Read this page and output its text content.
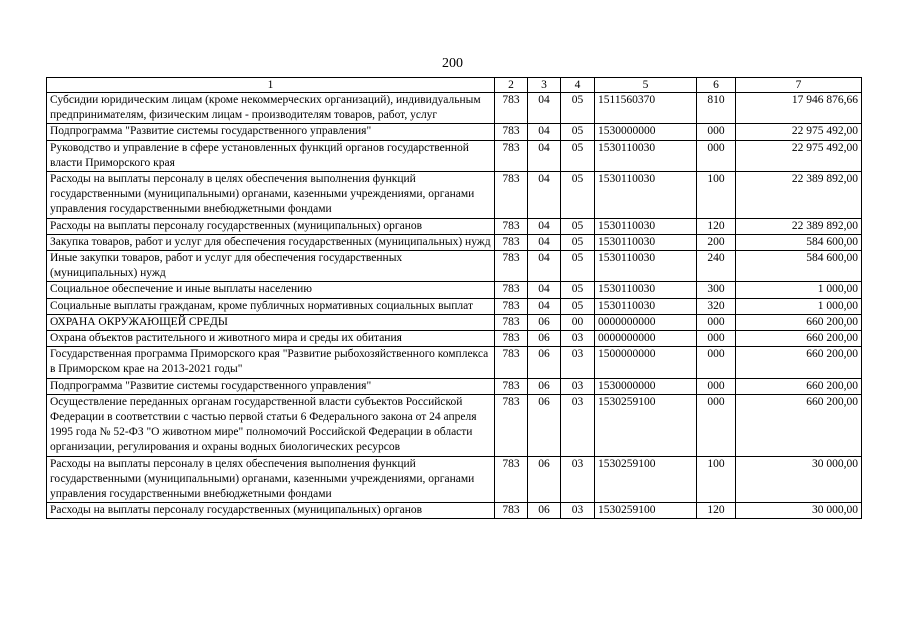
200
1	2	3	4	5	6	7
Субсидии юридическим лицам (кроме некоммерческих организаций), индивидуальным предпринимателям, физическим лицам - производителям товаров, работ, услуг	783	04	05	1511560370	810	17 946 876,66
Подпрограмма "Развитие системы государственного управления"	783	04	05	1530000000	000	22 975 492,00
Руководство и управление в сфере установленных функций органов государственной власти Приморского края	783	04	05	1530110030	000	22 975 492,00
Расходы на выплаты персоналу в целях обеспечения выполнения функций государственными (муниципальными) органами, казенными учреждениями, органами управления государственными внебюджетными фондами	783	04	05	1530110030	100	22 389 892,00
Расходы на выплаты персоналу государственных (муниципальных) органов	783	04	05	1530110030	120	22 389 892,00
Закупка товаров, работ и услуг для обеспечения государственных (муниципальных) нужд	783	04	05	1530110030	200	584 600,00
Иные закупки товаров, работ и услуг для обеспечения государственных (муниципальных) нужд	783	04	05	1530110030	240	584 600,00
Социальное обеспечение и иные выплаты населению	783	04	05	1530110030	300	1 000,00
Социальные выплаты гражданам, кроме публичных нормативных социальных выплат	783	04	05	1530110030	320	1 000,00
ОХРАНА ОКРУЖАЮЩЕЙ СРЕДЫ	783	06	00	0000000000	000	660 200,00
Охрана объектов растительного и животного мира и среды их обитания	783	06	03	0000000000	000	660 200,00
Государственная программа Приморского края "Развитие рыбохозяйственного комплекса в Приморском крае на 2013-2021 годы"	783	06	03	1500000000	000	660 200,00
Подпрограмма "Развитие системы государственного управления"	783	06	03	1530000000	000	660 200,00
Осуществление переданных органам государственной власти субъектов Российской Федерации в соответствии с частью первой статьи 6 Федерального закона от 24 апреля 1995 года № 52-ФЗ "О животном мире" полномочий Российской Федерации в области организации, регулирования и охраны водных биологических ресурсов	783	06	03	1530259100	000	660 200,00
Расходы на выплаты персоналу в целях обеспечения выполнения функций государственными (муниципальными) органами, казенными учреждениями, органами управления государственными внебюджетными фондами	783	06	03	1530259100	100	30 000,00
Расходы на выплаты персоналу государственных (муниципальных) органов	783	06	03	1530259100	120	30 000,00
